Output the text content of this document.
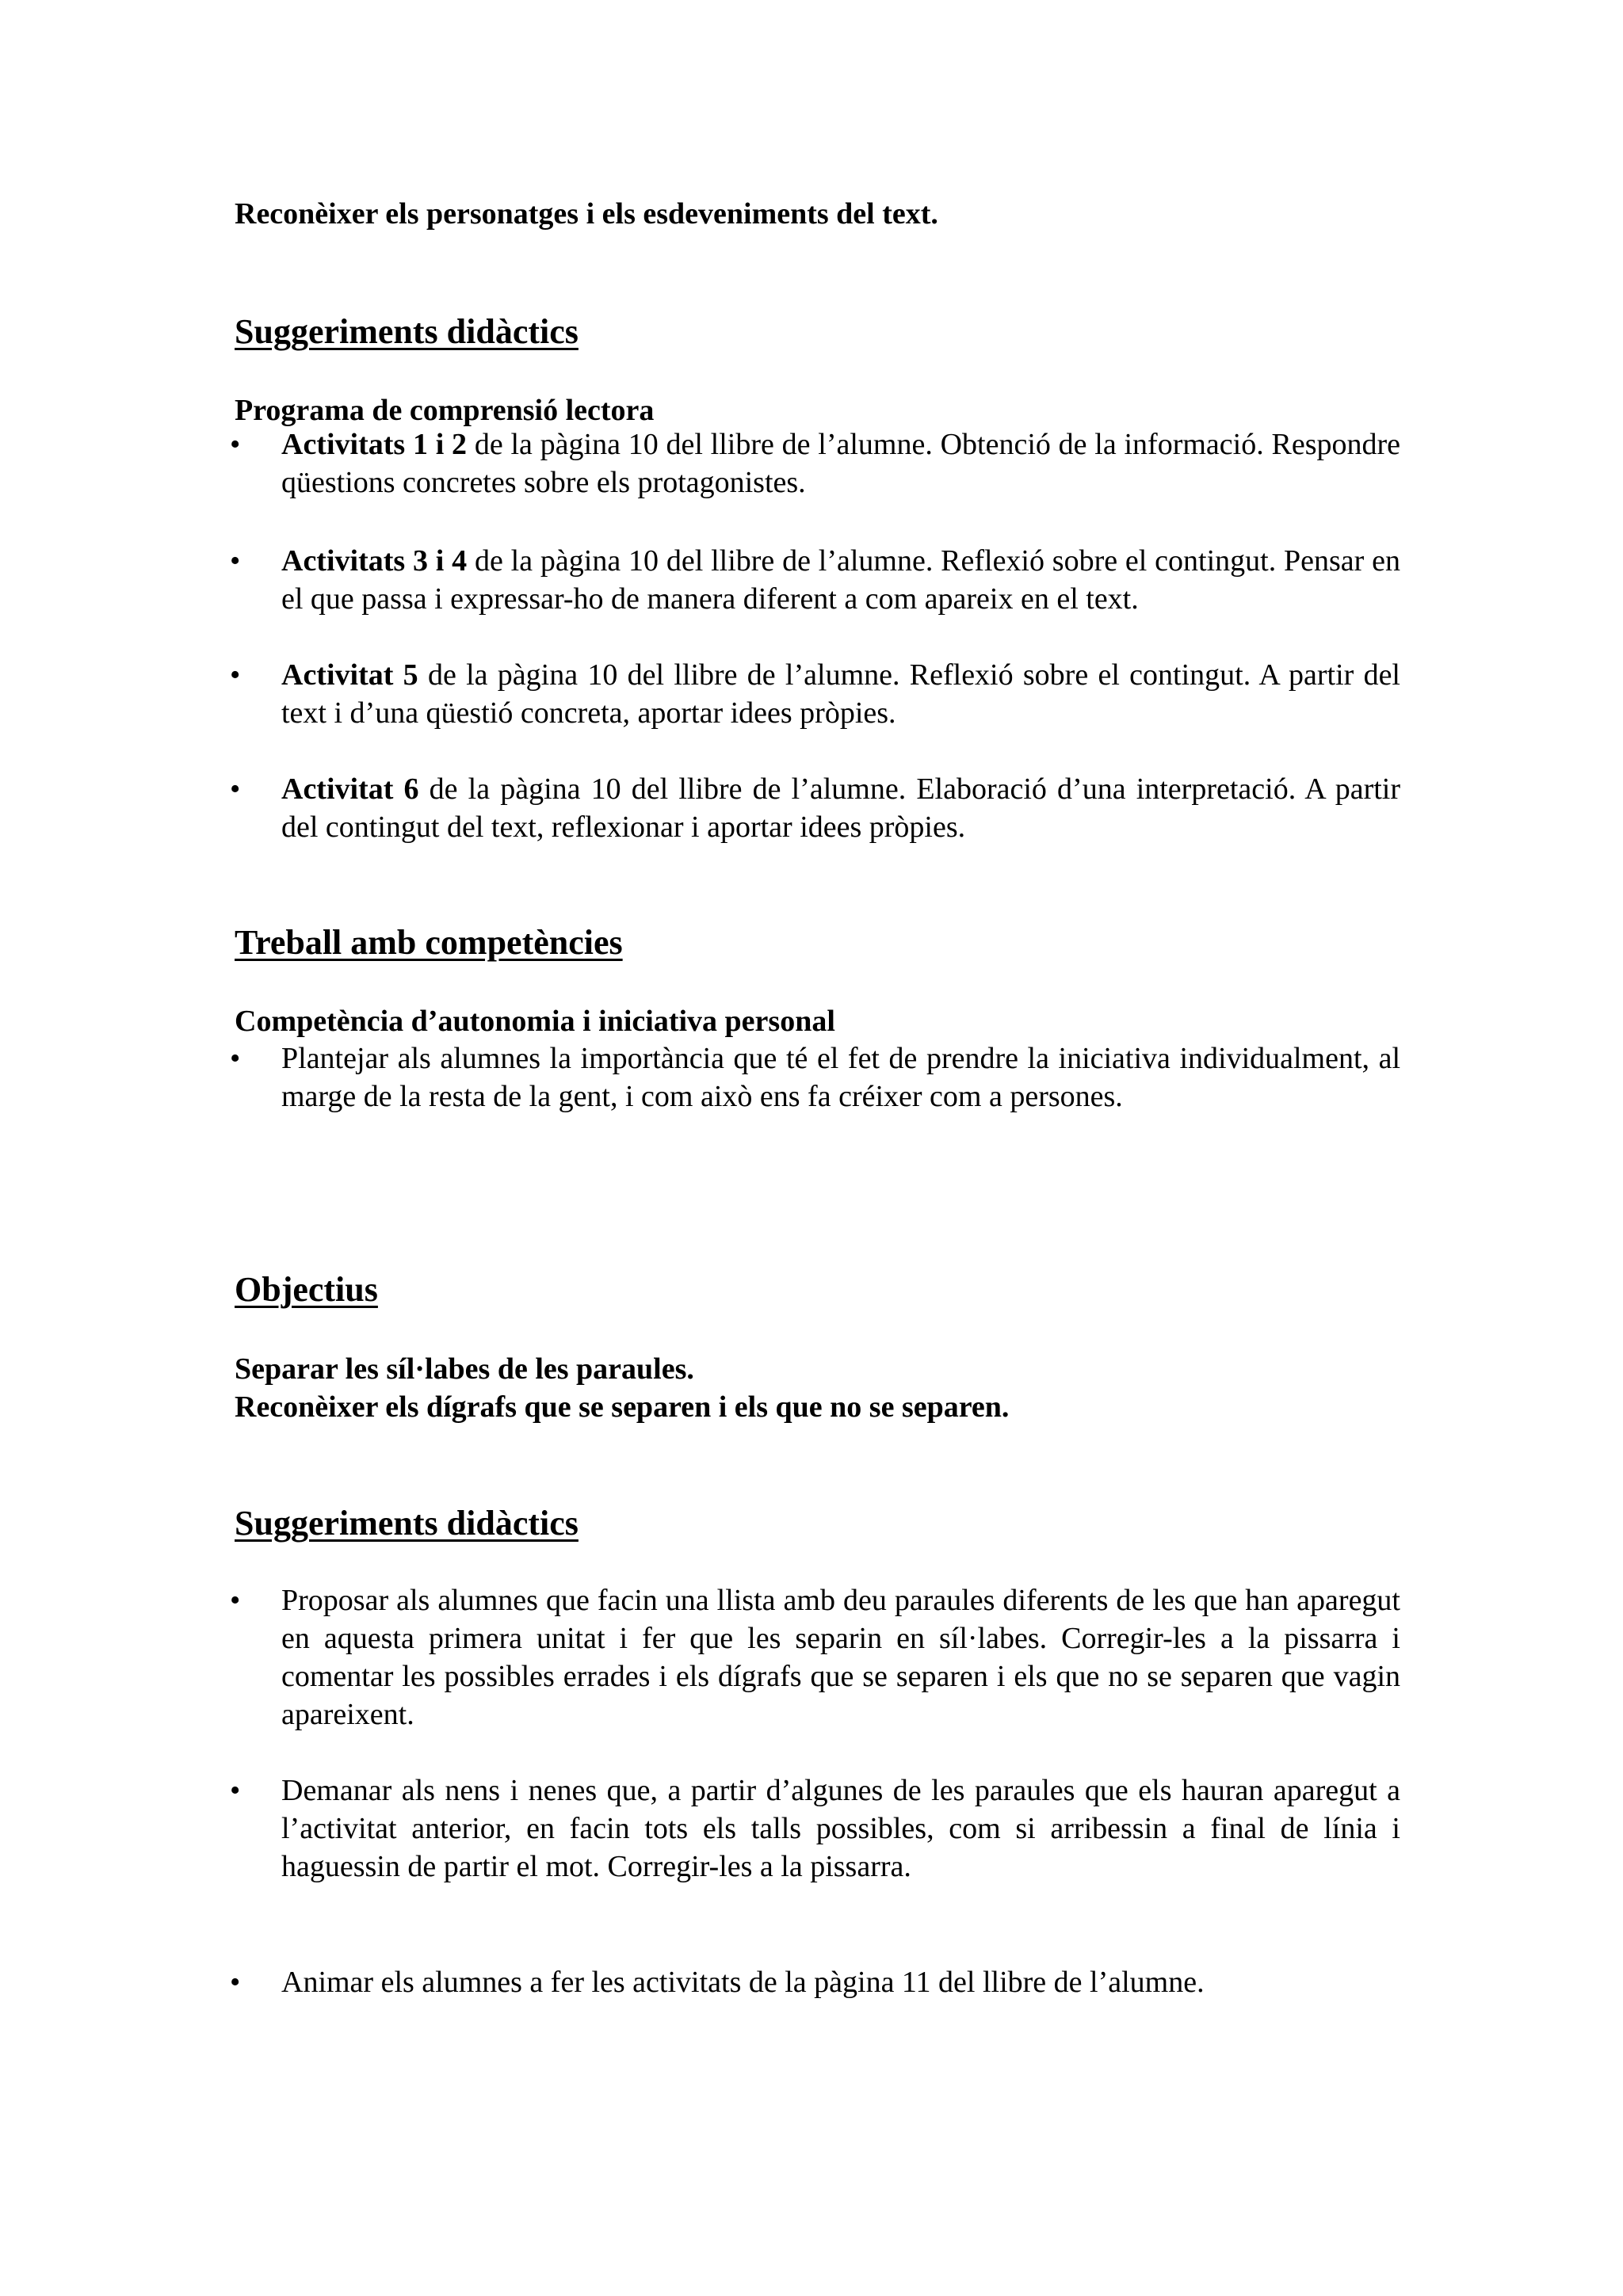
Reconèixer els personatges i els esdeveniments del text.
Suggeriments didàctics
Programa de comprensió lectora
• Activitats 1 i 2 de la pàgina 10 del llibre de l’alumne. Obtenció de la informació. Respondre qüestions concretes sobre els protagonistes.
• Activitats 3 i 4 de la pàgina 10 del llibre de l’alumne. Reflexió sobre el contingut. Pensar en el que passa i expressar-ho de manera diferent a com apareix en el text.
• Activitat 5 de la pàgina 10 del llibre de l’alumne. Reflexió sobre el contingut. A partir del text i d’una qüestió concreta, aportar idees pròpies.
• Activitat 6 de la pàgina 10 del llibre de l’alumne. Elaboració d’una interpretació. A partir del contingut del text, reflexionar i aportar idees pròpies.
Treball amb competències
Competència d’autonomia i iniciativa personal
• Plantejar als alumnes la importància que té el fet de prendre la iniciativa individualment, al marge de la resta de la gent, i com això ens fa créixer com a persones.
Objectius
Separar les síl·labes de les paraules.
Reconèixer els dígrafs que se separen i els que no se separen.
Suggeriments didàctics
• Proposar als alumnes que facin una llista amb deu paraules diferents de les que han aparegut en aquesta primera unitat i fer que les separin en síl·labes. Corregir-les a la pissarra i comentar les possibles errades i els dígrafs que se separen i els que no se separen que vagin apareixent.
• Demanar als nens i nenes que, a partir d’algunes de les paraules que els hauran aparegut a l’activitat anterior, en facin tots els talls possibles, com si arribessin a final de línia i haguessin de partir el mot. Corregir-les a la pissarra.
• Animar els alumnes a fer les activitats de la pàgina 11 del llibre de l’alumne.
